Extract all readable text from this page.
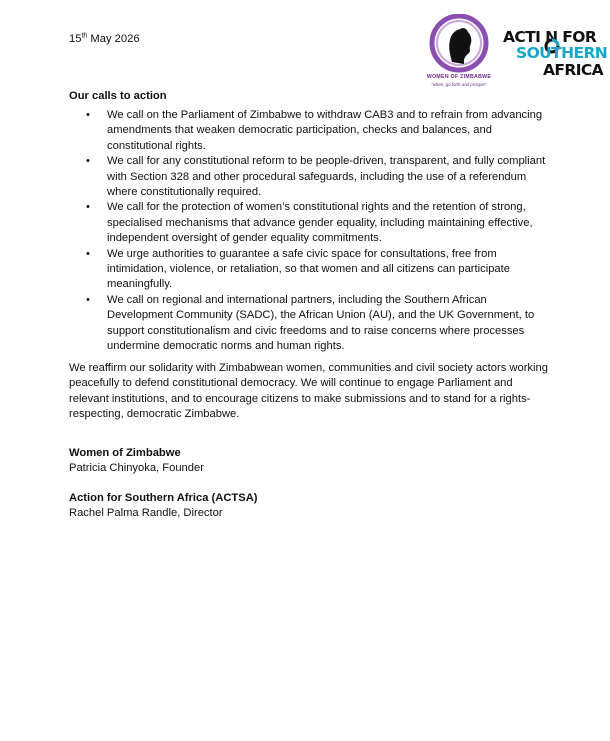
15th May 2026
WOMEN OF ZIMBABWE
"when, go forth and prosper"
ACTI N FOR
SOUTHERN
AFRICA
Our calls to action
• We call on the Parliament of Zimbabwe to withdraw CAB3 and to refrain from advancing amendments that weaken democratic participation, checks and balances, and constitutional rights.
• We call for any constitutional reform to be people-driven, transparent, and fully compliant with Section 328 and other procedural safeguards, including the use of a referendum where constitutionally required.
• We call for the protection of women’s constitutional rights and the retention of strong, specialised mechanisms that advance gender equality, including maintaining effective, independent oversight of gender equality commitments.
• We urge authorities to guarantee a safe civic space for consultations, free from intimidation, violence, or retaliation, so that women and all citizens can participate meaningfully.
• We call on regional and international partners, including the Southern African Development Community (SADC), the African Union (AU), and the UK Government, to support constitutionalism and civic freedoms and to raise concerns where processes undermine democratic norms and human rights.

We reaffirm our solidarity with Zimbabwean women, communities and civil society actors working peacefully to defend constitutional democracy. We will continue to engage Parliament and relevant institutions, and to encourage citizens to make submissions and to stand for a rights-respecting, democratic Zimbabwe.

Women of Zimbabwe
Patricia Chinyoka, Founder
Action for Southern Africa (ACTSA)
Rachel Palma Randle, Director
